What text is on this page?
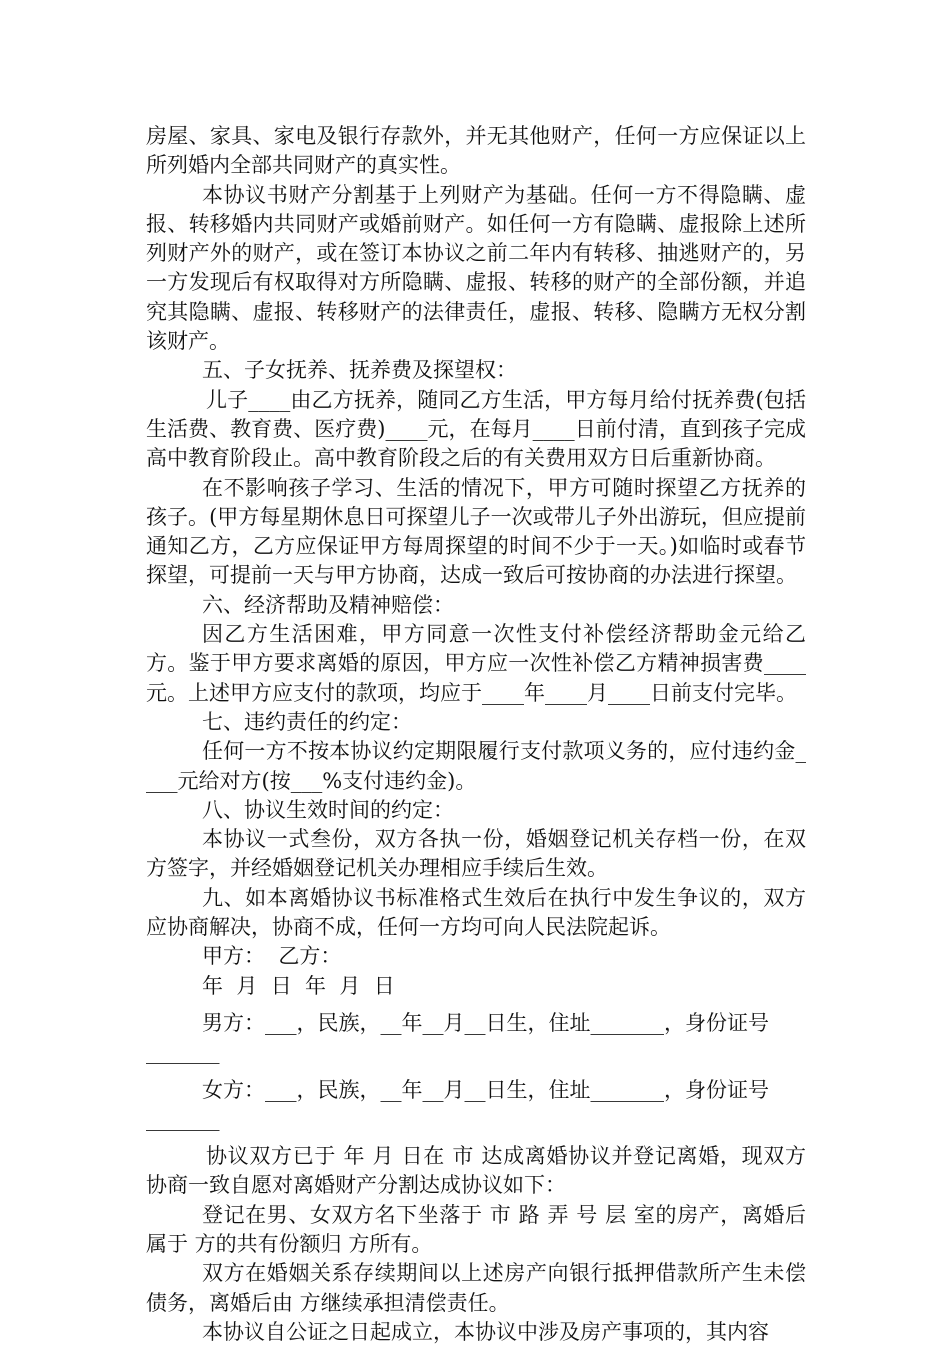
房屋、家具、家电及银行存款外，并无其他财产，任何一方应保证以上所列婚内全部共同财产的真实性。

本协议书财产分割基于上列财产为基础。任何一方不得隐瞒、虚报、转移婚内共同财产或婚前财产。如任何一方有隐瞒、虚报除上述所列财产外的财产，或在签订本协议之前二年内有转移、抽逃财产的，另一方发现后有权取得对方所隐瞒、虚报、转移的财产的全部份额，并追究其隐瞒、虚报、转移财产的法律责任，虚报、转移、隐瞒方无权分割该财产。

五、子女抚养、抚养费及探望权：

儿子____由乙方抚养，随同乙方生活，甲方每月给付抚养费(包括生活费、教育费、医疗费)____元，在每月____日前付清，直到孩子完成高中教育阶段止。高中教育阶段之后的有关费用双方日后重新协商。

在不影响孩子学习、生活的情况下，甲方可随时探望乙方抚养的孩子。(甲方每星期休息日可探望儿子一次或带儿子外出游玩，但应提前通知乙方，乙方应保证甲方每周探望的时间不少于一天。)如临时或春节探望，可提前一天与甲方协商，达成一致后可按协商的办法进行探望。

六、经济帮助及精神赔偿：

因乙方生活困难，甲方同意一次性支付补偿经济帮助金元给乙方。鉴于甲方要求离婚的原因，甲方应一次性补偿乙方精神损害费____元。上述甲方应支付的款项，均应于____年____月____日前支付完毕。

七、违约责任的约定：

任何一方不按本协议约定期限履行支付款项义务的，应付违约金____元给对方(按___%支付违约金)。

八、协议生效时间的约定：

本协议一式叁份，双方各执一份，婚姻登记机关存档一份，在双方签字，并经婚姻登记机关办理相应手续后生效。

九、如本离婚协议书标准格式生效后在执行中发生争议的，双方应协商解决，协商不成，任何一方均可向人民法院起诉。

甲方：  乙方：

年  月  日  年  月  日

男方：___，民族，__年__月__日生，住址_______，身份证号

_______

女方：___，民族，__年__月__日生，住址_______，身份证号

_______

协议双方已于 年 月 日在 市 达成离婚协议并登记离婚，现双方协商一致自愿对离婚财产分割达成协议如下：

登记在男、女双方名下坐落于 市 路 弄 号 层 室的房产，离婚后属于 方的共有份额归 方所有。

双方在婚姻关系存续期间以上述房产向银行抵押借款所产生未偿债务，离婚后由 方继续承担清偿责任。

本协议自公证之日起成立，本协议中涉及房产事项的，其内容
